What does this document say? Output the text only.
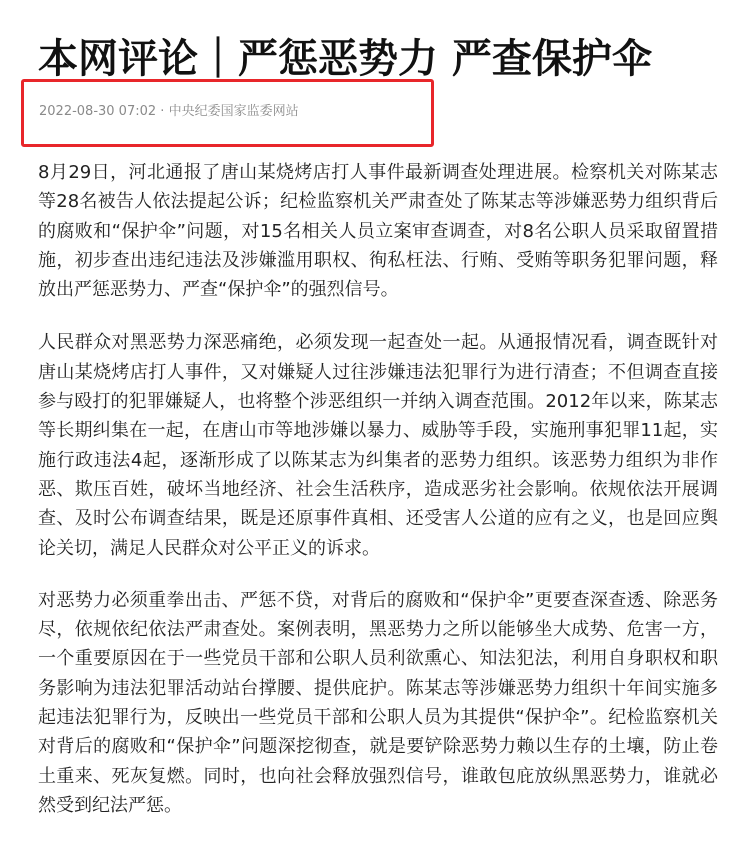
本网评论｜严惩恶势力 严查保护伞
2022-08-30 07:02 · 中央纪委国家监委网站

8月29日，河北通报了唐山某烧烤店打人事件最新调查处理进展。检察机关对陈某志等28名被告人依法提起公诉；纪检监察机关严肃查处了陈某志等涉嫌恶势力组织背后的腐败和“保护伞”问题，对15名相关人员立案审查调查，对8名公职人员采取留置措施，初步查出违纪违法及涉嫌滥用职权、徇私枉法、行贿、受贿等职务犯罪问题，释放出严惩恶势力、严查“保护伞”的强烈信号。

人民群众对黑恶势力深恶痛绝，必须发现一起查处一起。从通报情况看，调查既针对唐山某烧烤店打人事件，又对嫌疑人过往涉嫌违法犯罪行为进行清查；不但调查直接参与殴打的犯罪嫌疑人，也将整个涉恶组织一并纳入调查范围。2012年以来，陈某志等长期纠集在一起，在唐山市等地涉嫌以暴力、威胁等手段，实施刑事犯罪11起，实施行政违法4起，逐渐形成了以陈某志为纠集者的恶势力组织。该恶势力组织为非作恶、欺压百姓，破坏当地经济、社会生活秩序，造成恶劣社会影响。依规依法开展调查、及时公布调查结果，既是还原事件真相、还受害人公道的应有之义，也是回应舆论关切，满足人民群众对公平正义的诉求。

对恶势力必须重拳出击、严惩不贷，对背后的腐败和“保护伞”更要查深查透、除恶务尽，依规依纪依法严肃查处。案例表明，黑恶势力之所以能够坐大成势、危害一方，一个重要原因在于一些党员干部和公职人员利欲熏心、知法犯法，利用自身职权和职务影响为违法犯罪活动站台撑腰、提供庇护。陈某志等涉嫌恶势力组织十年间实施多起违法犯罪行为，反映出一些党员干部和公职人员为其提供“保护伞”。纪检监察机关对背后的腐败和“保护伞”问题深挖彻查，就是要铲除恶势力赖以生存的土壤，防止卷土重来、死灰复燃。同时，也向社会释放强烈信号，谁敢包庇放纵黑恶势力，谁就必然受到纪法严惩。
